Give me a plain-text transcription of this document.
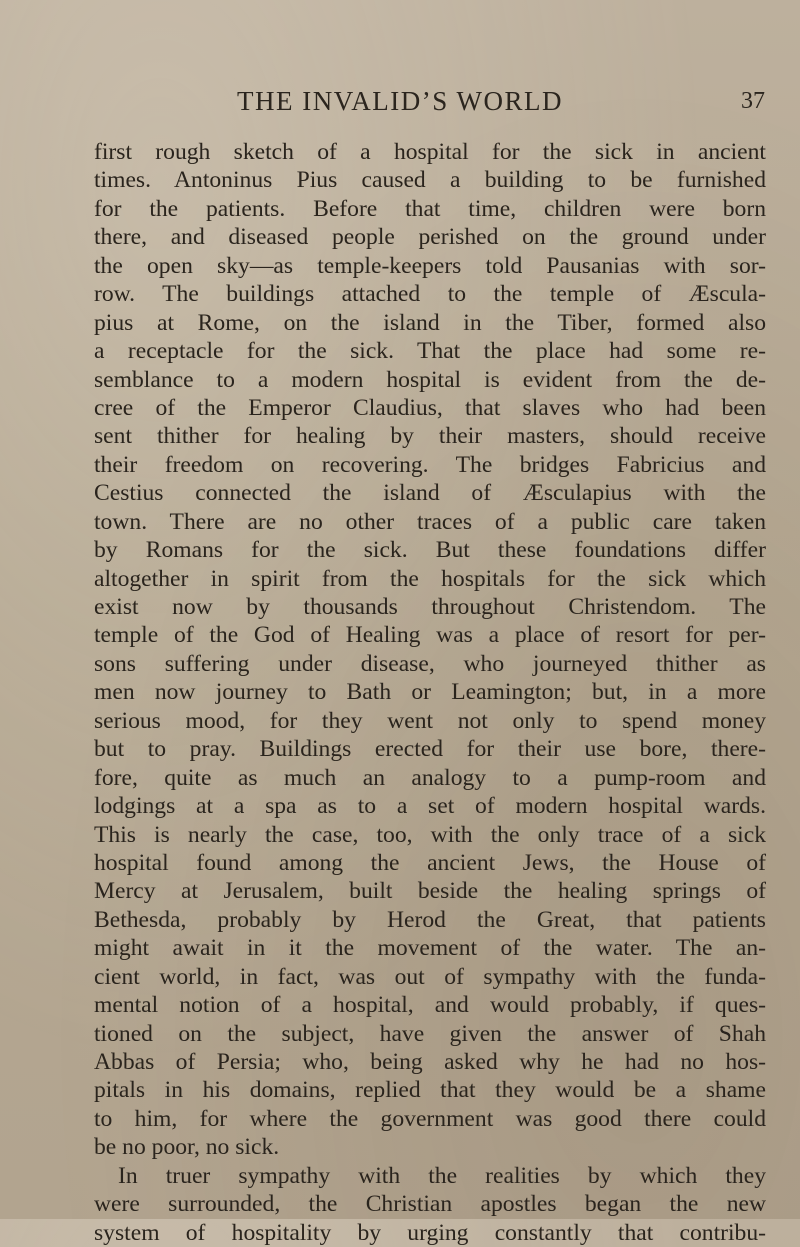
THE INVALID’S WORLD	37
first rough sketch of a hospital for the sick in ancient
times. Antoninus Pius caused a building to be furnished
for the patients. Before that time, children were born
there, and diseased people perished on the ground under
the open sky—as temple-keepers told Pausanias with sor-
row. The buildings attached to the temple of Æscula-
pius at Rome, on the island in the Tiber, formed also
a receptacle for the sick. That the place had some re-
semblance to a modern hospital is evident from the de-
cree of the Emperor Claudius, that slaves who had been
sent thither for healing by their masters, should receive
their freedom on recovering. The bridges Fabricius and
Cestius connected the island of Æsculapius with the
town. There are no other traces of a public care taken
by Romans for the sick. But these foundations differ
altogether in spirit from the hospitals for the sick which
exist now by thousands throughout Christendom. The
temple of the God of Healing was a place of resort for per-
sons suffering under disease, who journeyed thither as
men now journey to Bath or Leamington; but, in a more
serious mood, for they went not only to spend money
but to pray. Buildings erected for their use bore, there-
fore, quite as much an analogy to a pump-room and
lodgings at a spa as to a set of modern hospital wards.
This is nearly the case, too, with the only trace of a sick
hospital found among the ancient Jews, the House of
Mercy at Jerusalem, built beside the healing springs of
Bethesda, probably by Herod the Great, that patients
might await in it the movement of the water. The an-
cient world, in fact, was out of sympathy with the funda-
mental notion of a hospital, and would probably, if ques-
tioned on the subject, have given the answer of Shah
Abbas of Persia; who, being asked why he had no hos-
pitals in his domains, replied that they would be a shame
to him, for where the government was good there could
be no poor, no sick.
In truer sympathy with the realities by which they
were surrounded, the Christian apostles began the new
system of hospitality by urging constantly that contribu-
